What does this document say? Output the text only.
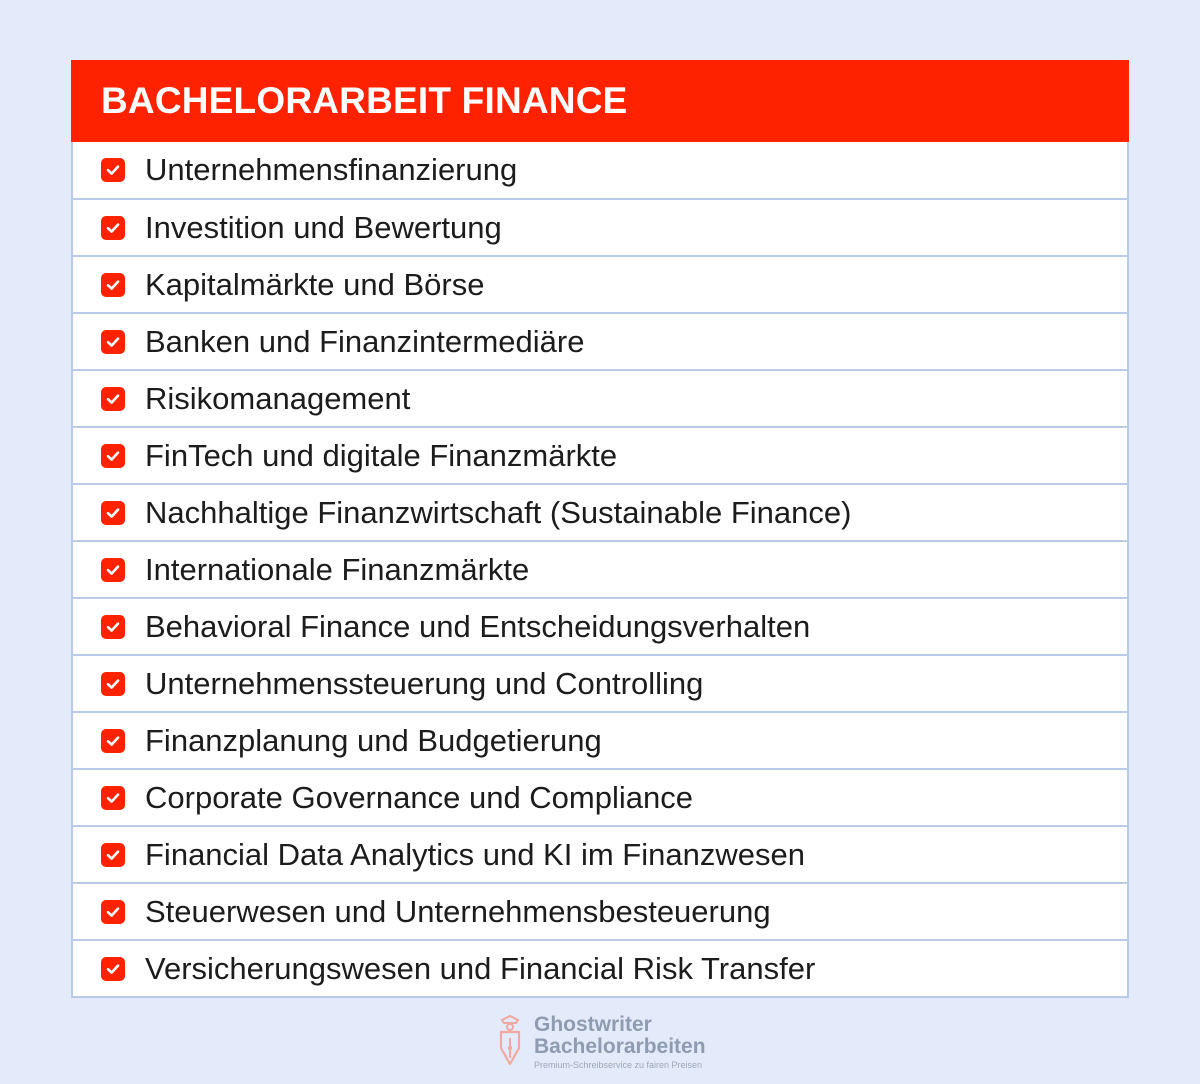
BACHELORARBEIT FINANCE
Unternehmensfinanzierung
Investition und Bewertung
Kapitalmärkte und Börse
Banken und Finanzintermediäre
Risikomanagement
FinTech und digitale Finanzmärkte
Nachhaltige Finanzwirtschaft (Sustainable Finance)
Internationale Finanzmärkte
Behavioral Finance und Entscheidungsverhalten
Unternehmenssteuerung und Controlling
Finanzplanung und Budgetierung
Corporate Governance und Compliance
Financial Data Analytics und KI im Finanzwesen
Steuerwesen und Unternehmensbesteuerung
Versicherungswesen und Financial Risk Transfer
Ghostwriter
Bachelorarbeiten
Premium-Schreibservice zu fairen Preisen
